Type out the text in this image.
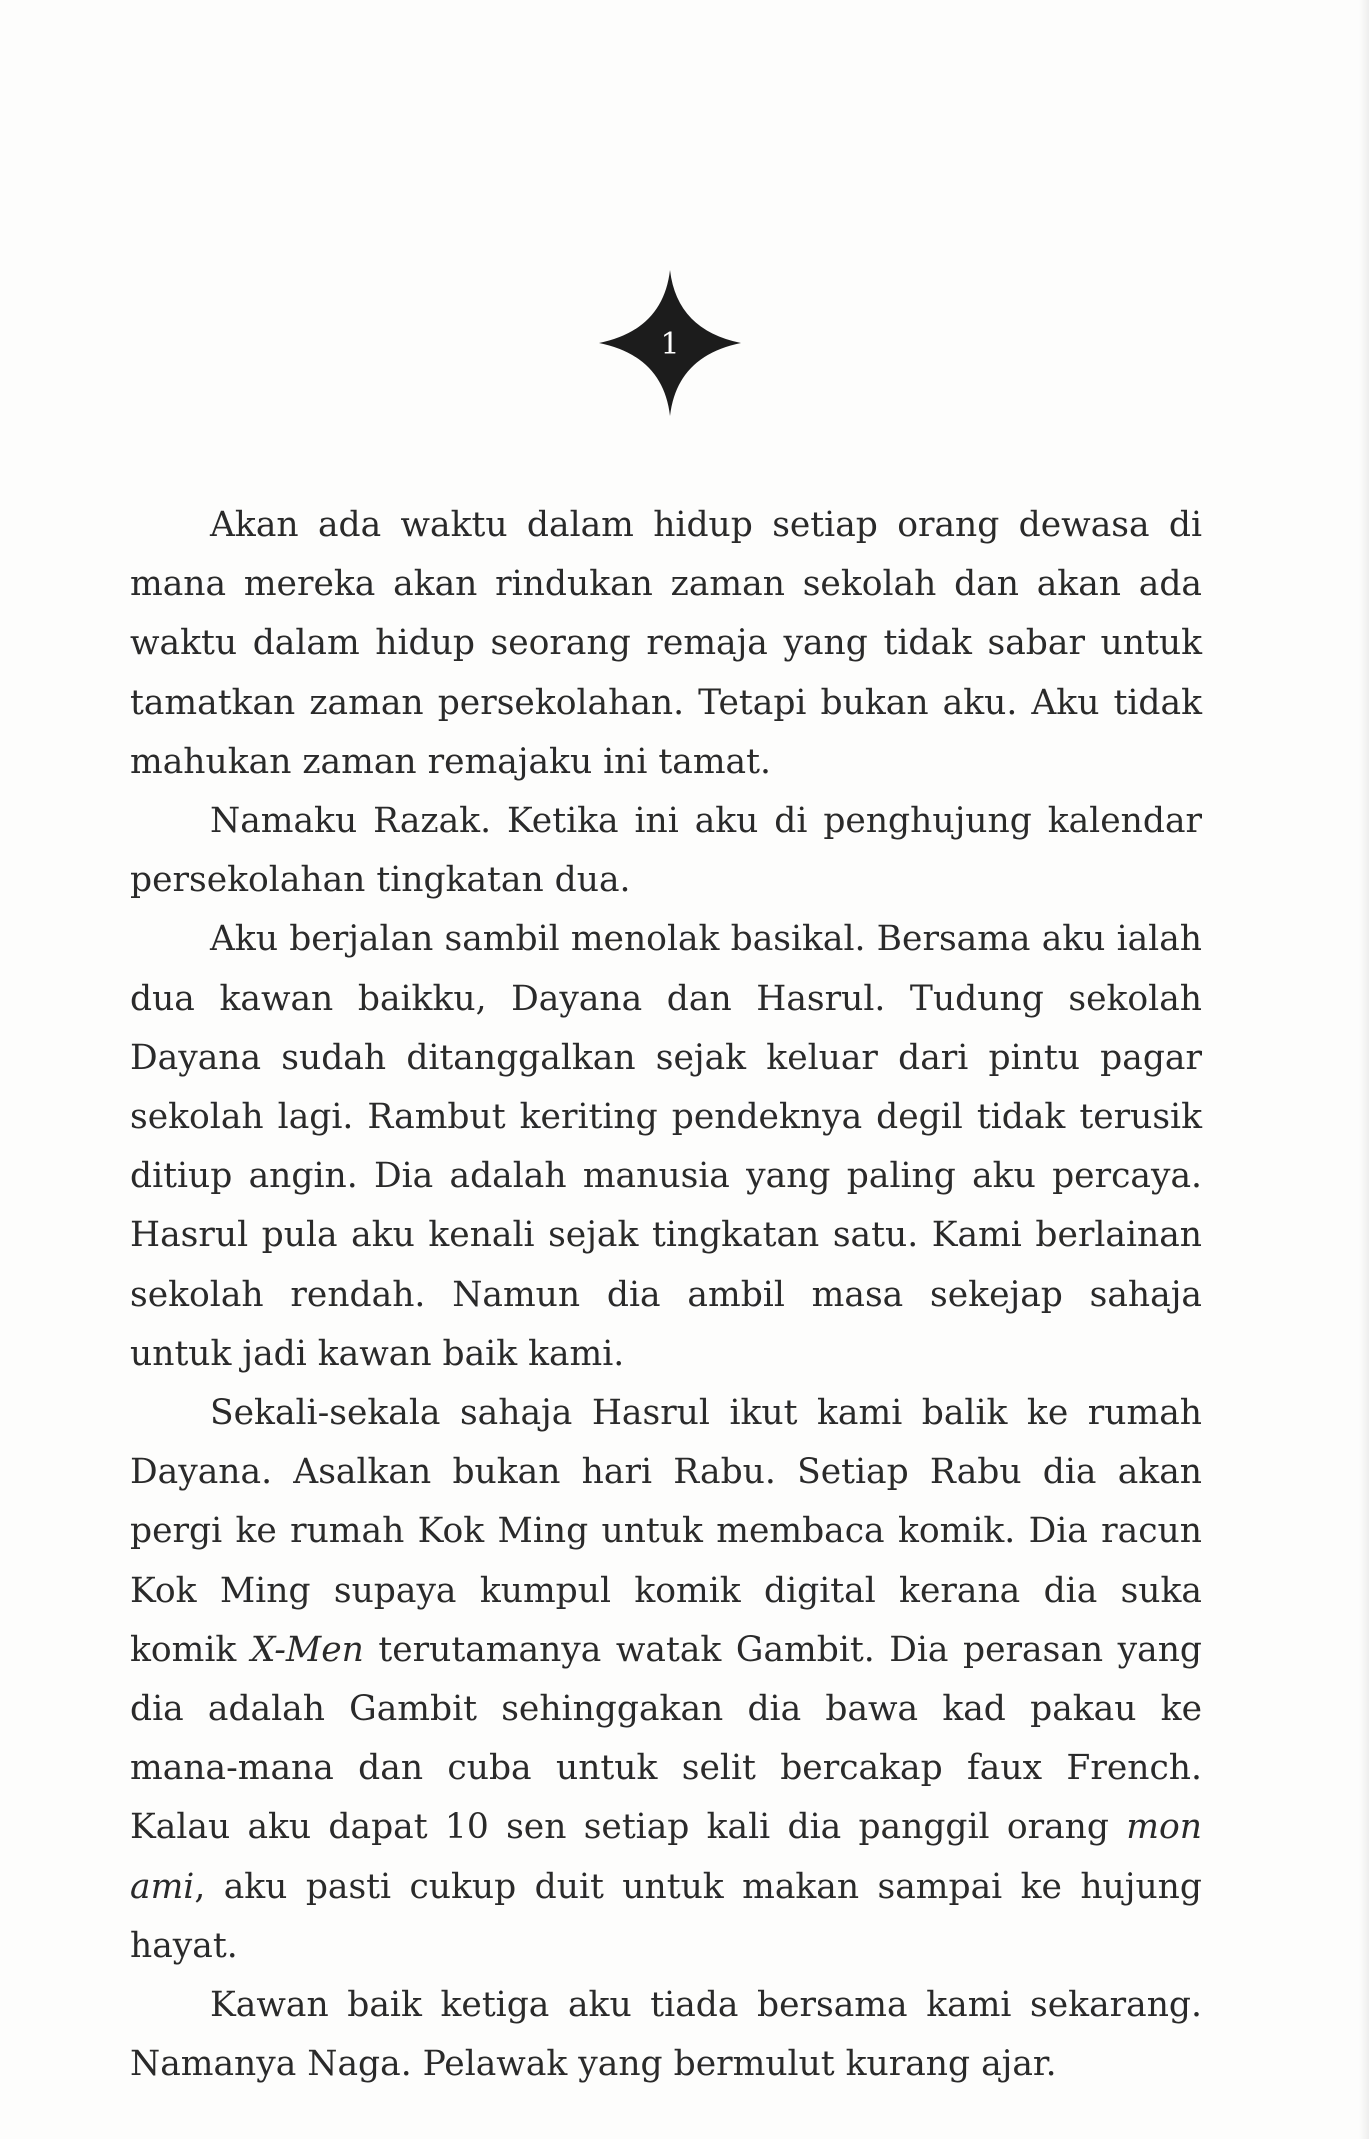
1

Akan ada waktu dalam hidup setiap orang dewasa di mana mereka akan rindukan zaman sekolah dan akan ada waktu dalam hidup seorang remaja yang tidak sabar untuk tamatkan zaman persekolahan. Tetapi bukan aku. Aku tidak mahukan zaman remajaku ini tamat.

Namaku Razak. Ketika ini aku di penghujung kalendar persekolahan tingkatan dua.

Aku berjalan sambil menolak basikal. Bersama aku ialah dua kawan baikku, Dayana dan Hasrul. Tudung sekolah Dayana sudah ditanggalkan sejak keluar dari pintu pagar sekolah lagi. Rambut keriting pendeknya degil tidak terusik ditiup angin. Dia adalah manusia yang paling aku percaya. Hasrul pula aku kenali sejak tingkatan satu. Kami berlainan sekolah rendah. Namun dia ambil masa sekejap sahaja untuk jadi kawan baik kami.

Sekali-sekala sahaja Hasrul ikut kami balik ke rumah Dayana. Asalkan bukan hari Rabu. Setiap Rabu dia akan pergi ke rumah Kok Ming untuk membaca komik. Dia racun Kok Ming supaya kumpul komik digital kerana dia suka komik X-Men terutamanya watak Gambit. Dia perasan yang dia adalah Gambit sehinggakan dia bawa kad pakau ke mana-mana dan cuba untuk selit bercakap faux French. Kalau aku dapat 10 sen setiap kali dia panggil orang mon ami, aku pasti cukup duit untuk makan sampai ke hujung hayat.

Kawan baik ketiga aku tiada bersama kami sekarang. Namanya Naga. Pelawak yang bermulut kurang ajar.
